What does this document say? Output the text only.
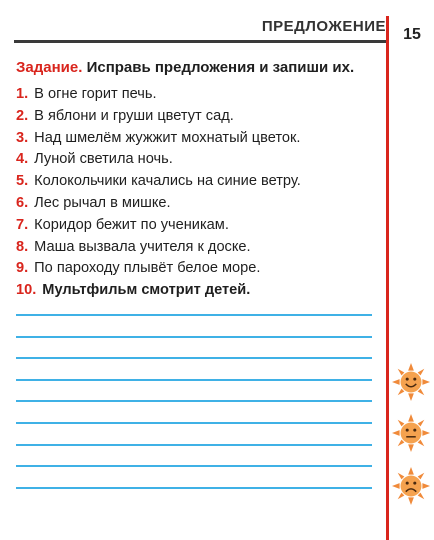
ПРЕДЛОЖЕНИЕ	15
Задание. Исправь предложения и запиши их.
1. В огне горит печь.
2. В яблони и груши цветут сад.
3. Над шмелём жужжит мохнатый цветок.
4. Луной светила ночь.
5. Колокольчики качались на синие ветру.
6. Лес рычал в мишке.
7. Коридор бежит по ученикам.
8. Маша вызвала учителя к доске.
9. По пароходу плывёт белое море.
10. Мультфильм смотрит детей.
